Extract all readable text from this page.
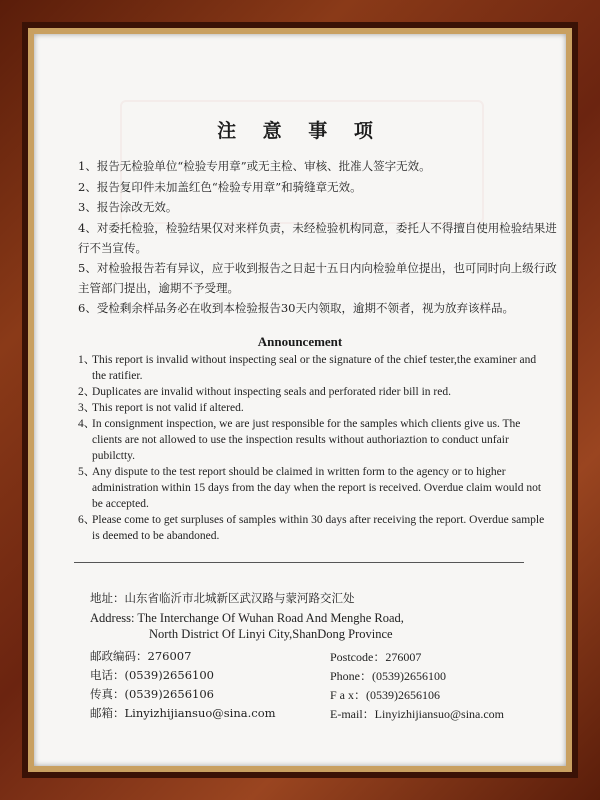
注 意 事 项
1、报告无检验单位“检验专用章”或无主检、审核、批准人签字无效。
2、报告复印件未加盖红色“检验专用章”和骑缝章无效。
3、报告涂改无效。
4、对委托检验，检验结果仅对来样负责，未经检验机构同意，委托人不得擅自使用检验结果进行不当宣传。
5、对检验报告若有异议，应于收到报告之日起十五日内向检验单位提出，也可同时向上级行政主管部门提出，逾期不予受理。
6、受检剩余样品务必在收到本检验报告30天内领取，逾期不领者，视为放弃该样品。
Announcement
1、
This report is invalid without inspecting seal or the signature of the chief tester,the examiner and the ratifier.
2、
Duplicates are invalid without inspecting seals and perforated rider bill in red.
3、
This report is not valid if altered.
4、
In consignment inspection, we are just responsible for the samples which clients give us. The clients are not allowed to use the inspection results without authoriaztion to conduct unfair pubilctty.
5、
Any dispute to the test report should be claimed in written form to the agency or to higher administration within 15 days from the day when the report is received. Overdue claim would not be accepted.
6、
Please come to get surpluses of samples within 30 days after receiving the report. Overdue sample is deemed to be abandoned.
地址：山东省临沂市北城新区武汉路与蒙河路交汇处
Address: The Interchange Of Wuhan Road And Menghe Road,
North District Of Linyi City,ShanDong Province
邮政编码：276007	Postcode：276007
电话：(0539)2656100	Phone：(0539)2656100
传真：(0539)2656106	F a x：(0539)2656106
邮箱：Linyizhijiansuo@sina.com	E-mail：Linyizhijiansuo@sina.com
